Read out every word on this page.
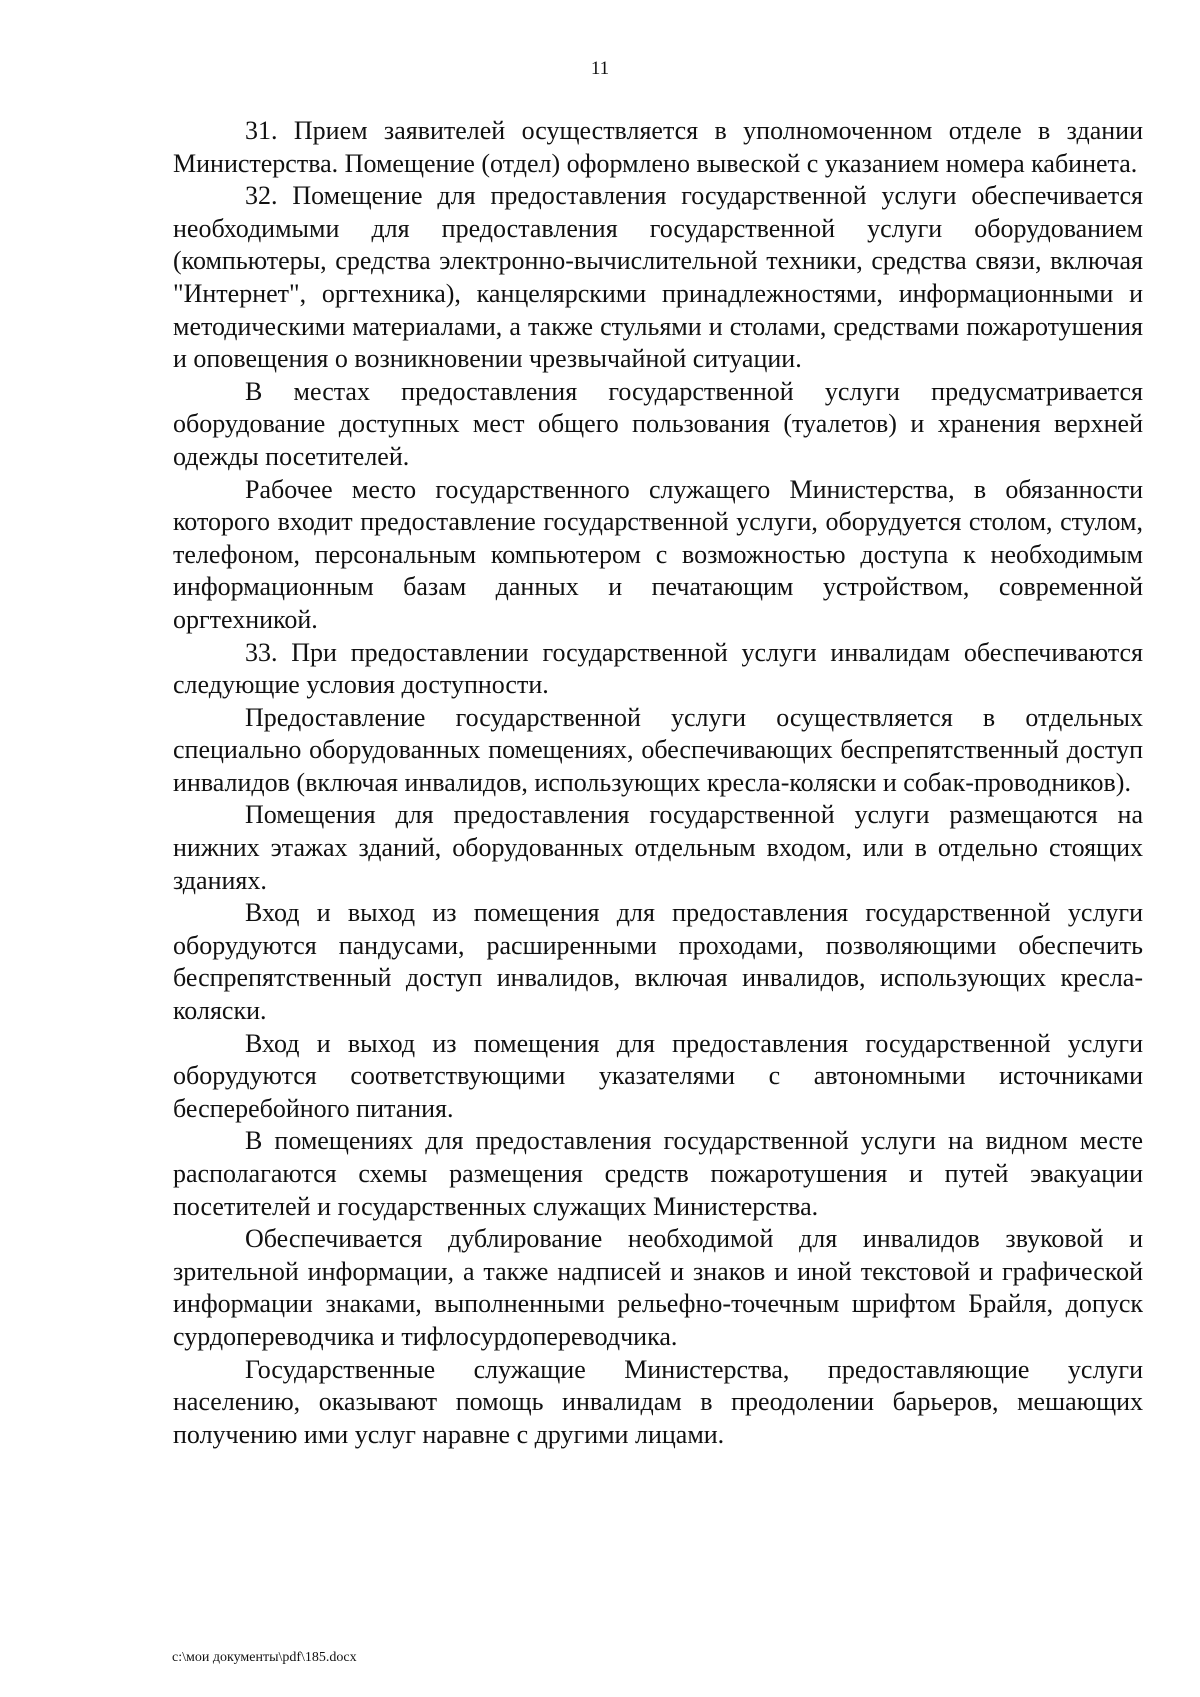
11

31. Прием заявителей осуществляется в уполномоченном отделе в здании Министерства. Помещение (отдел) оформлено вывеской с указанием номера кабинета.

32. Помещение для предоставления государственной услуги обеспечивается необходимыми для предоставления государственной услуги оборудованием (компьютеры, средства электронно-вычислительной техники, средства связи, включая "Интернет", оргтехника), канцелярскими принадлежностями, информационными и методическими материалами, а также стульями и столами, средствами пожаротушения и оповещения о возникновении чрезвычайной ситуации.

В местах предоставления государственной услуги предусматривается оборудование доступных мест общего пользования (туалетов) и хранения верхней одежды посетителей.

Рабочее место государственного служащего Министерства, в обязанности которого входит предоставление государственной услуги, оборудуется столом, стулом, телефоном, персональным компьютером с возможностью доступа к необходимым информационным базам данных и печатающим устройством, современной оргтехникой.

33. При предоставлении государственной услуги инвалидам обеспечиваются следующие условия доступности.

Предоставление государственной услуги осуществляется в отдельных специально оборудованных помещениях, обеспечивающих беспрепятственный доступ инвалидов (включая инвалидов, использующих кресла-коляски и собак-проводников).

Помещения для предоставления государственной услуги размещаются на нижних этажах зданий, оборудованных отдельным входом, или в отдельно стоящих зданиях.

Вход и выход из помещения для предоставления государственной услуги оборудуются пандусами, расширенными проходами, позволяющими обеспечить беспрепятственный доступ инвалидов, включая инвалидов, использующих кресла-коляски.

Вход и выход из помещения для предоставления государственной услуги оборудуются соответствующими указателями с автономными источниками бесперебойного питания.

В помещениях для предоставления государственной услуги на видном месте располагаются схемы размещения средств пожаротушения и путей эвакуации посетителей и государственных служащих Министерства.

Обеспечивается дублирование необходимой для инвалидов звуковой и зрительной информации, а также надписей и знаков и иной текстовой и графической информации знаками, выполненными рельефно-точечным шрифтом Брайля, допуск сурдопереводчика и тифлосурдопереводчика.

Государственные служащие Министерства, предоставляющие услуги населению, оказывают помощь инвалидам в преодолении барьеров, мешающих получению ими услуг наравне с другими лицами.

c:\мои документы\pdf\185.docx
